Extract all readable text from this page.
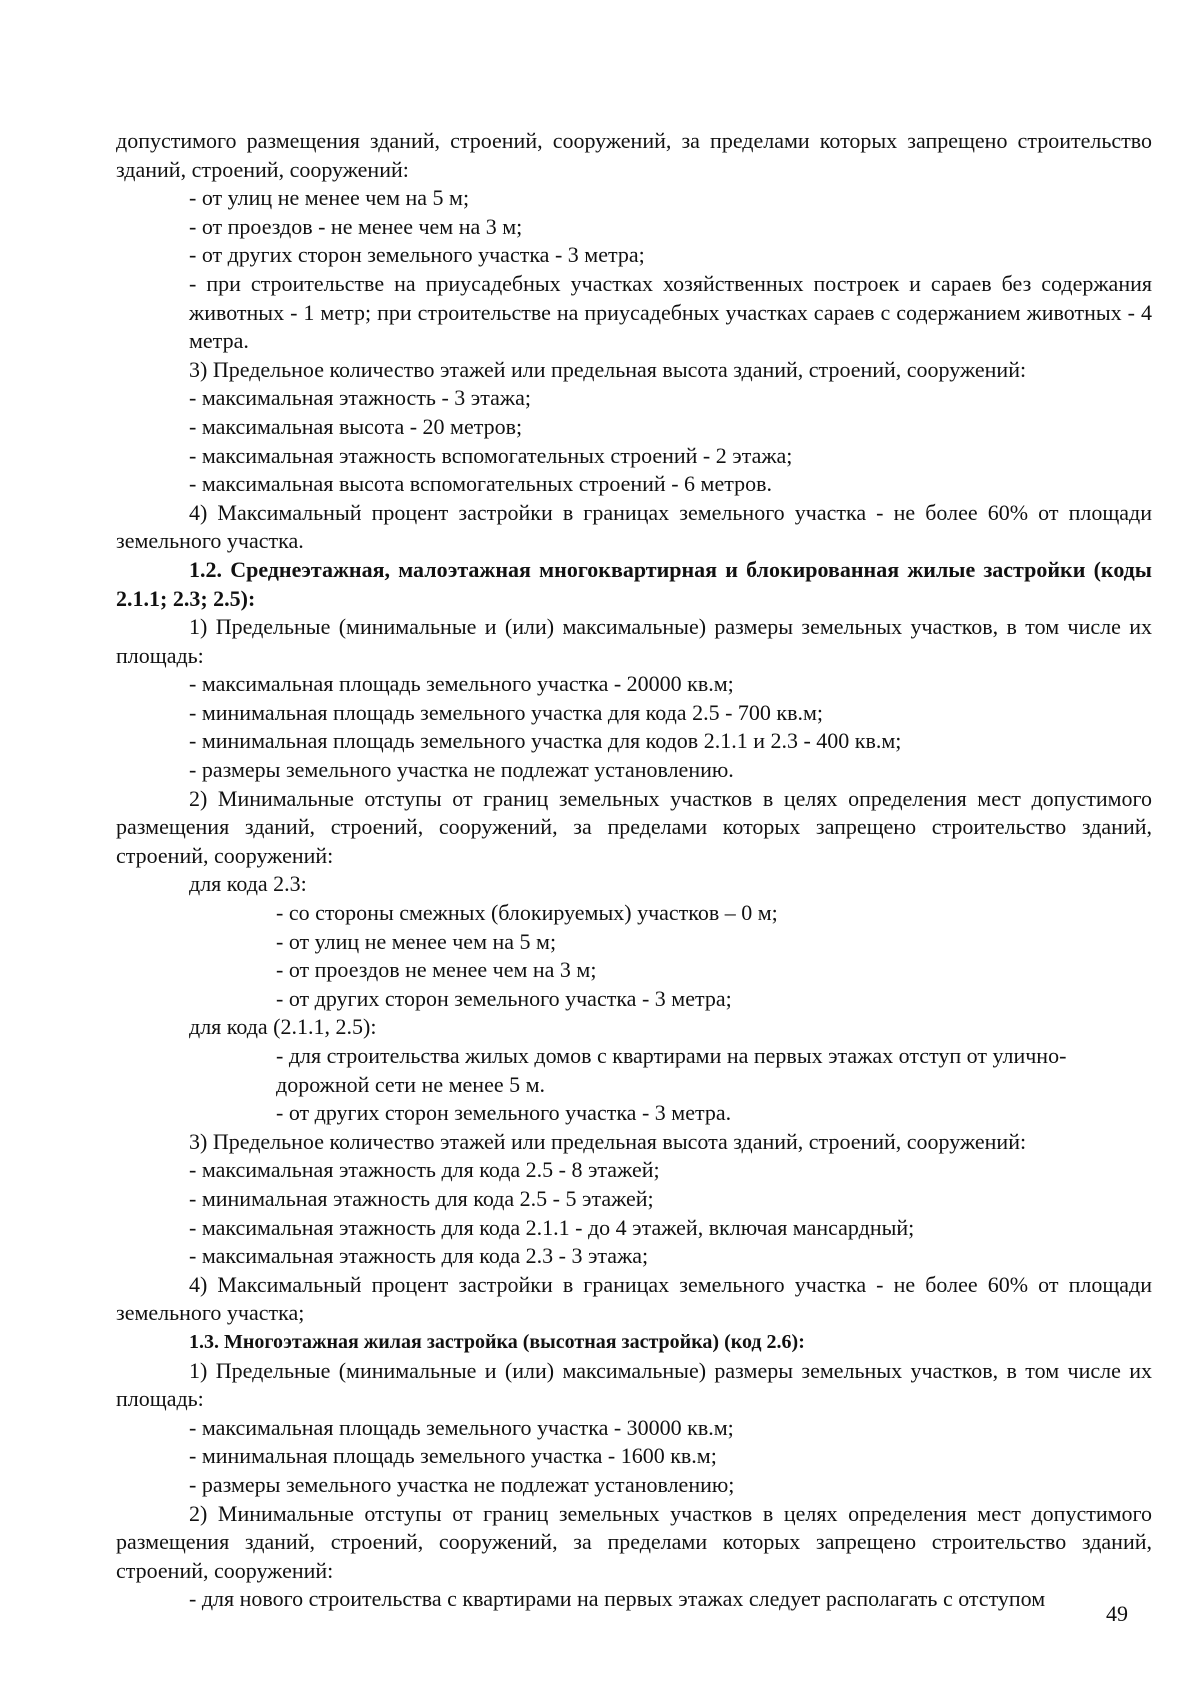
допустимого размещения зданий, строений, сооружений, за пределами которых запрещено строительство зданий, строений, сооружений:

- от улиц не менее чем на 5 м;

- от проездов - не менее чем на 3 м;

- от других сторон земельного участка - 3 метра;

- при строительстве на приусадебных участках хозяйственных построек и сараев без содержания животных - 1 метр; при строительстве на приусадебных участках сараев с содержанием животных - 4 метра.

3) Предельное количество этажей или предельная высота зданий, строений, сооружений:

- максимальная этажность - 3 этажа;

- максимальная высота - 20 метров;

- максимальная этажность вспомогательных строений - 2 этажа;

- максимальная высота вспомогательных строений - 6 метров.

4) Максимальный процент застройки в границах земельного участка - не более 60% от площади земельного участка.

1.2. Среднеэтажная, малоэтажная многоквартирная и блокированная жилые застройки (коды 2.1.1; 2.3; 2.5):

1) Предельные (минимальные и (или) максимальные) размеры земельных участков, в том числе их площадь:

- максимальная площадь земельного участка - 20000 кв.м;

- минимальная площадь земельного участка для кода 2.5 - 700 кв.м;

- минимальная площадь земельного участка для кодов 2.1.1 и 2.3 - 400 кв.м;

- размеры земельного участка не подлежат установлению.

2) Минимальные отступы от границ земельных участков в целях определения мест допустимого размещения зданий, строений, сооружений, за пределами которых запрещено строительство зданий, строений, сооружений:

для кода 2.3:

- со стороны смежных (блокируемых) участков – 0 м;

- от улиц не менее чем на 5 м;

- от проездов не менее чем на 3 м;

- от других сторон земельного участка - 3 метра;

для кода (2.1.1, 2.5):

- для строительства жилых домов с квартирами на первых этажах отступ от улично-дорожной сети не менее 5 м.

- от других сторон земельного участка - 3 метра.

3) Предельное количество этажей или предельная высота зданий, строений, сооружений:

- максимальная этажность для кода 2.5 - 8 этажей;

- минимальная этажность для кода 2.5 - 5 этажей;

- максимальная этажность для кода 2.1.1 - до 4 этажей, включая мансардный;

- максимальная этажность для кода 2.3 - 3 этажа;

4) Максимальный процент застройки в границах земельного участка - не более 60% от площади земельного участка;

1.3. Многоэтажная жилая застройка (высотная застройка) (код 2.6):

1) Предельные (минимальные и (или) максимальные) размеры земельных участков, в том числе их площадь:

- максимальная площадь земельного участка - 30000 кв.м;

- минимальная площадь земельного участка - 1600 кв.м;

- размеры земельного участка не подлежат установлению;

2) Минимальные отступы от границ земельных участков в целях определения мест допустимого размещения зданий, строений, сооружений, за пределами которых запрещено строительство зданий, строений, сооружений:

- для нового строительства с квартирами на первых этажах следует располагать с отступом

49
